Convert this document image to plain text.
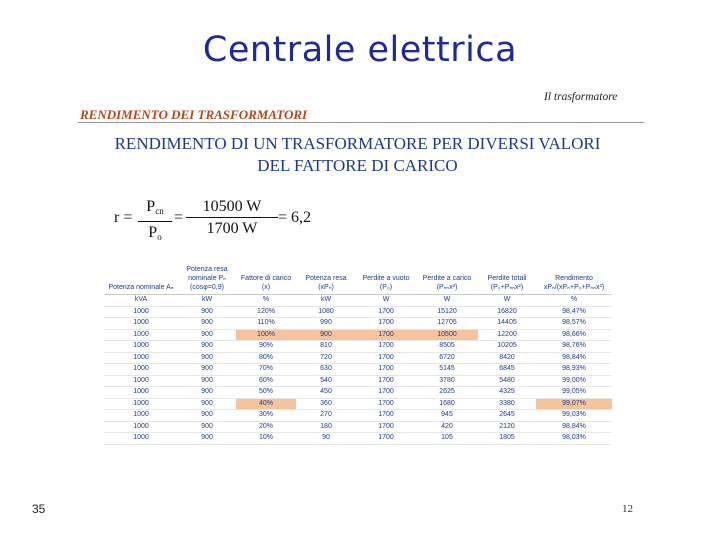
Centrale elettrica
RENDIMENTO DEI TRASFORMATORI
Il trasformatore
RENDIMENTO DI UN TRASFORMATORE PER DIVERSI VALORI
DEL FATTORE DI CARICO
r =
$P_{cn}$
$P_o$
= $\frac{10500 W}{1700 W} = 6,2$
Potenza nominale Aₙ	Potenza resa nominale Pₙ (cosφ=0,9)	Fattore di carico (x)	Potenza resa (xPₙ)	Perdite a vuoto (P₀)	Perdite a carico (Pₙₙx²)	Perdite totali (P₀+Pₙₙx²)	Rendimento xPₙ/(xPₙ+P₀+Pₙₙx²)
kVA	kW	%	kW	W	W	W	%
1000	900	120%	1080	1700	15120	16820	98,47%
1000	900	110%	990	1700	12705	14405	98,57%
1000	900	100%	900	1700	10500	12200	98,66%
1000	900	90%	810	1700	8505	10205	98,76%
1000	900	80%	720	1700	6720	8420	98,84%
1000	900	70%	630	1700	5145	6845	98,93%
1000	900	60%	540	1700	3780	5480	99,00%
1000	900	50%	450	1700	2625	4325	99,05%
1000	900	40%	360	1700	1680	3380	99,07%
1000	900	30%	270	1700	945	2645	99,03%
1000	900	20%	180	1700	420	2120	98,84%
1000	900	10%	90	1700	105	1805	98,03%
35	12
